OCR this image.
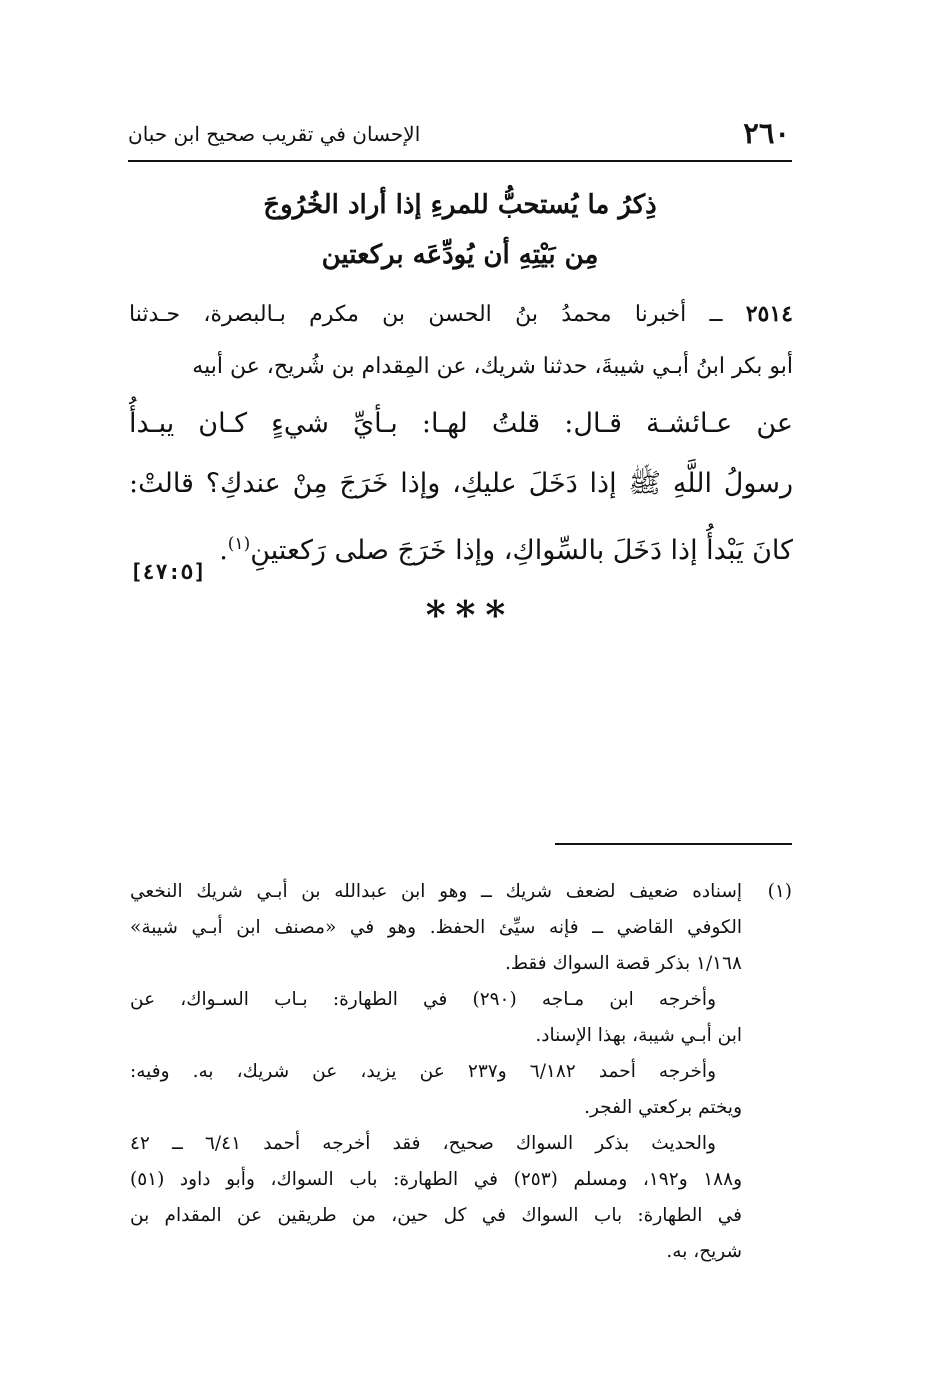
٢٦٠
الإحسان في تقريب صحيح ابن حبان
ذِكرُ ما يُستحبُّ للمرءِ إذا أراد الخُرُوجَ
مِن بَيْتِهِ أن يُودِّعَه بركعتين
٢٥١٤ ــ أخبرنا محمدُ بنُ الحسن بن مكرم بـالبصرة، حـدثنا
أبو بكر ابنُ أبـي شيبةَ، حدثنا شريك، عن المِقدام بن شُريح، عن أبيه
عن عـائشـة قـال: قلتُ لهـا: بـأيِّ شيءٍ كـان يبـدأُ
رسولُ اللَّهِ ﷺ إذا دَخَلَ عليكِ، وإذا خَرَجَ مِنْ عندكِ؟ قالتْ:
كانَ يَبْدأُ إذا دَخَلَ بالسِّواكِ، وإذا خَرَجَ صلى رَكعتينِ$^{(١)}$.
[٤٧:٥]
***
(١)
إسناده ضعيف لضعف شريك ــ وهو ابن عبدالله بن أبـي شريك النخعي
الكوفي القاضي ــ فإنه سيِّئ الحفظ. وهو في «مصنف ابن أبـي شيبة»
١/١٦٨ بذكر قصة السواك فقط.
وأخرجه ابن مـاجه (٢٩٠) في الطهارة: بـاب السـواك، عن
ابن أبـي شيبة، بهذا الإسناد.
وأخرجه أحمد ٦/١٨٢ و٢٣٧ عن يزيد، عن شريك، به. وفيه:
ويختم بركعتي الفجر.
والحديث بذكر السواك صحيح، فقد أخرجه أحمد ٦/٤١ ــ ٤٢
و١٨٨ و١٩٢، ومسلم (٢٥٣) في الطهارة: باب السواك، وأبو داود (٥١)
في الطهارة: باب السواك في كل حين، من طريقين عن المقدام بن
شريح، به.
